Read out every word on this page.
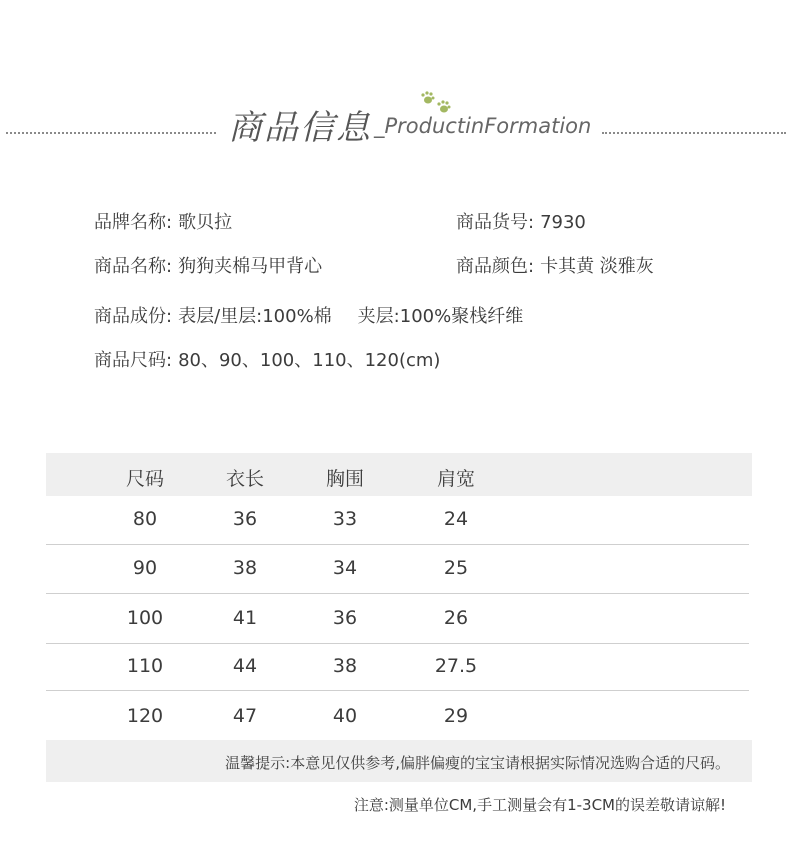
商品信息 _ProductinFormation
品牌名称: 歌贝拉	商品货号: 7930
商品名称: 狗狗夹棉马甲背心	商品颜色: 卡其黄 淡雅灰
商品成份: 表层/里层:100%棉 夹层:100%聚栈纤维
商品尺码: 80、90、100、110、120(cm)
尺码	衣长	胸围	肩宽
80	36	33	24
90	38	34	25
100	41	36	26
110	44	38	27.5
120	47	40	29
温馨提示:本意见仅供参考,偏胖偏瘦的宝宝请根据实际情况选购合适的尺码。
注意:测量单位CM,手工测量会有1-3CM的误差敬请谅解!
